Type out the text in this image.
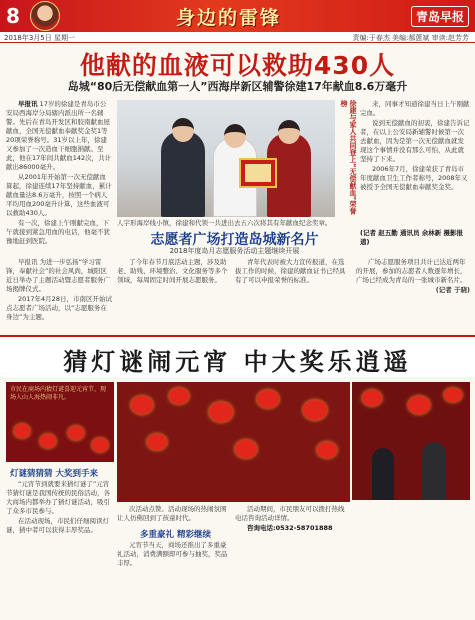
8	身边的雷锋	青岛早报
2018年3月5日 星期一	责编:于春杰 美编:郝蒽斌 审读:赵芳芳
他献的血液可以救助430人
岛城“80后无偿献血第一人”西海岸新区辅警徐建17年献血8.6万毫升

早报讯 17岁的徐建是青岛市公安局西海岸分局辖内派出所一名辅警。先后在青岛开发区和胶南献血屋献血，全国无偿献血奉献奖金奖1等20项荣誉称号。31岁以上年，徐建又参加了一次造血干细胞捐献。至此，他在17年间共献血142次，共计献出86000毫升。

从2001年开始第一次无偿献血算起，徐建连续17年坚持献血，累计献血量达8.6万毫升，按照一个病人平均用血200毫升计算，这些血液可以救助430人。

有一次，徐建上午刚献完血，下午就接到紧急用血的电话，他毫不犹豫地赶到医院。

人字形海岸线小镇，徐建和代领一共进出去五六次将其有年献血纪念奖章。
徐建与家人共同登上“无偿献血”荣誉榜	来，同事才知道徐建当日上午刚献完血。

说到无偿献血的初衷，徐建告诉记者，在以上公安局新辅警时候第一次去献血，因为是第一次无偿献血就发现这个事情并没有那么可怕，从此就坚持了下来。

2006年7月，徐建荣获了青岛市年度献血卫生工作者称号，2008年又被授予全国无偿献血奉献奖金奖。

(记者 赵五勤 通讯员 余林新 摄影报道)
志愿者广场打造岛城新名片
2018年度岛月志愿服务活动主题继续开展

早报讯 为进一步弘扬“学习雷锋，奉献社会”的社会风尚，城阳区近日举办了主题活动暨志愿者服务广场揭牌仪式。

2017年4月28日，市南区开始试点志愿者广场活动，以“志愿服务在身边”为主题。

了今年春节月底活动主题，涉及助老、助残、环境整治、文化服务等多个领域，每周固定时间开展志愿服务。

青年代表时被大力宣传报道，在选拔工作的时候，徐建的献血证书已经具有了可以申报荣誉的标准。

广场志愿服务项目共计已达近两年的开展，参加的志愿者人数逐年增长，广场已经成为青岛的一张城市新名片。

(记者 于晓)

猜灯谜闹元宵 中大奖乐逍遥
市民在商场内猜灯谜喜迎元宵节，现场人山人海热闹非凡。
灯谜猜猜猜 大奖到手来

“元宵节到就要来猜灯谜了”元宵节猜灯谜是我国传统的民俗活动，各大商场内都举办了猜灯谜活动，吸引了众多市民参与。

在活动现场，市民们仔细阅读灯谜，猜中者可以获得丰厚奖品。

次活动点赞。活动现场的热闹氛围让人仿佛回到了孩童时代。

多重豪礼 精彩继续

元宵节当天，商场还推出了多重豪礼活动，消费满额即可参与抽奖，奖品丰厚。

活动期间，市民朋友可以拨打热线电话咨询活动详情。

咨询电话:0532-58701888
